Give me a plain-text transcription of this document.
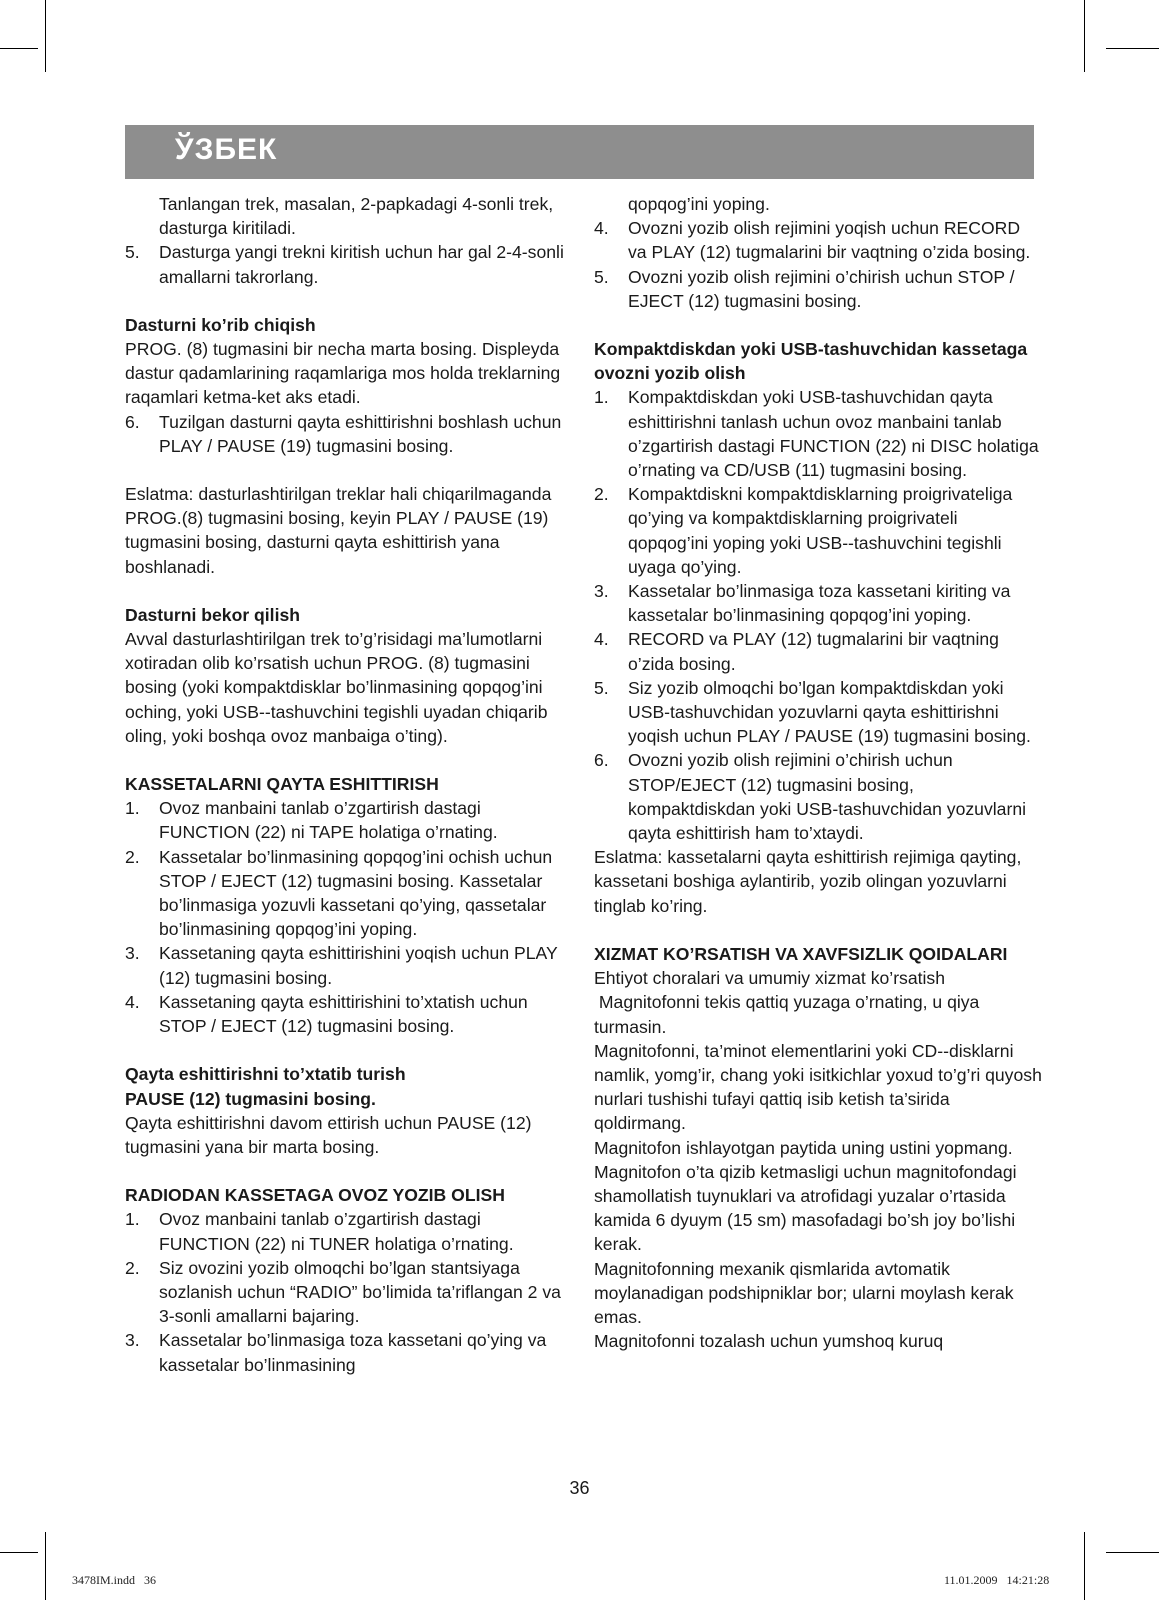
ЎЗБЕК

Tanlangan trek, masalan, 2-papkadagi 4-sonli trek, dasturga kiritiladi.

5.	Dasturga yangi trekni kiritish uchun har gal 2-4-sonli amallarni takrorlang.

Dasturni ko’rib chiqish

PROG. (8) tugmasini bir necha marta bosing. Displeyda dastur qadamlarining raqamlariga mos holda treklarning raqamlari ketma-ket aks etadi.

6.	Tuzilgan dasturni qayta eshittirishni boshlash uchun PLAY / PAUSE (19) tugmasini bosing.

Eslatma: dasturlashtirilgan treklar hali chiqarilmaganda PROG.(8) tugmasini bosing, keyin PLAY / PAUSE (19) tugmasini bosing, dasturni qayta eshittirish yana boshlanadi.

Dasturni bekor qilish

Avval dasturlashtirilgan trek to’g’risidagi ma’lumotlarni xotiradan olib ko’rsatish uchun PROG. (8) tugmasini bosing (yoki kompaktdisklar bo’linmasining qopqog’ini oching, yoki USB--tashuvchini tegishli uyadan chiqarib oling, yoki boshqa ovoz manbaiga o’ting).

KASSETALARNI QAYTA ESHITTIRISH

1.	Ovoz manbaini tanlab o’zgartirish dastagi FUNCTION (22) ni TAPE holatiga o’rnating.
2.	Kassetalar bo’linmasining qopqog’ini ochish uchun STOP / EJECT (12) tugmasini bosing. Kassetalar bo’linmasiga yozuvli kassetani qo’ying, qassetalar bo’linmasining qopqog’ini yoping.
3.	Kassetaning qayta eshittirishini yoqish uchun PLAY (12) tugmasini bosing.
4.	Kassetaning qayta eshittirishini to’xtatish uchun STOP / EJECT (12) tugmasini bosing.

Qayta eshittirishni to’xtatib turish

PAUSE (12) tugmasini bosing.

Qayta eshittirishni davom ettirish uchun PAUSE (12) tugmasini yana bir marta bosing.

RADIODAN KASSETAGA OVOZ YOZIB OLISH

1.	Ovoz manbaini tanlab o’zgartirish dastagi FUNCTION (22) ni TUNER holatiga o’rnating.
2.	Siz ovozini yozib olmoqchi bo’lgan stantsiyaga sozlanish uchun “RADIO” bo’limida ta’riflangan 2 va 3-sonli amallarni bajaring.
3.	Kassetalar bo’linmasiga toza kassetani qo’ying va kassetalar bo’linmasining

qopqog’ini yoping.

4.	Ovozni yozib olish rejimini yoqish uchun RECORD va PLAY (12) tugmalarini bir vaqtning o’zida bosing.
5.	Ovozni yozib olish rejimini o’chirish uchun STOP / EJECT (12) tugmasini bosing.

Kompaktdiskdan yoki USB-tashuvchidan kassetaga ovozni yozib olish

1.	Kompaktdiskdan yoki USB-tashuvchidan qayta eshittirishni tanlash uchun ovoz manbaini tanlab o’zgartirish dastagi FUNCTION (22) ni DISC holatiga o’rnating va CD/USB (11) tugmasini bosing.
2.	Kompaktdiskni kompaktdisklarning proigrivateliga qo’ying va kompaktdisklarning proigrivateli qopqog’ini yoping yoki USB--tashuvchini tegishli uyaga qo’ying.
3.	Kassetalar bo’linmasiga toza kassetani kiriting va kassetalar bo’linmasining qopqog’ini yoping.
4.	RECORD va PLAY (12) tugmalarini bir vaqtning o’zida bosing.
5.	Siz yozib olmoqchi bo’lgan kompaktdiskdan yoki USB-tashuvchidan yozuvlarni qayta eshittirishni yoqish uchun PLAY / PAUSE (19) tugmasini bosing.
6.	Ovozni yozib olish rejimini o’chirish uchun STOP/EJECT (12) tugmasini bosing, kompaktdiskdan yoki USB-tashuvchidan yozuvlarni qayta eshittirish ham to’xtaydi.

Eslatma: kassetalarni qayta eshittirish rejimiga qayting, kassetani boshiga aylantirib, yozib olingan yozuvlarni tinglab ko’ring.

XIZMAT KO’RSATISH VA XAVFSIZLIK QOIDALARI

Ehtiyot choralari va umumiy xizmat ko’rsatish

Magnitofonni tekis qattiq yuzaga o’rnating, u qiya turmasin.

Magnitofonni, ta’minot elementlarini yoki CD--disklarni namlik, yomg’ir, chang yoki isitkichlar yoxud to’g’ri quyosh nurlari tushishi tufayi qattiq isib ketish ta’sirida qoldirmang.

Magnitofon ishlayotgan paytida uning ustini yopmang. Magnitofon o’ta qizib ketmasligi uchun magnitofondagi shamollatish tuynuklari va atrofidagi yuzalar o’rtasida kamida 6 dyuym (15 sm) masofadagi bo’sh joy bo’lishi kerak.

Magnitofonning mexanik qismlarida avtomatik moylanadigan podshipniklar bor; ularni moylash kerak emas.

Magnitofonni tozalash uchun yumshoq kuruq

36
3478IM.indd   36	11.01.2009   14:21:28
